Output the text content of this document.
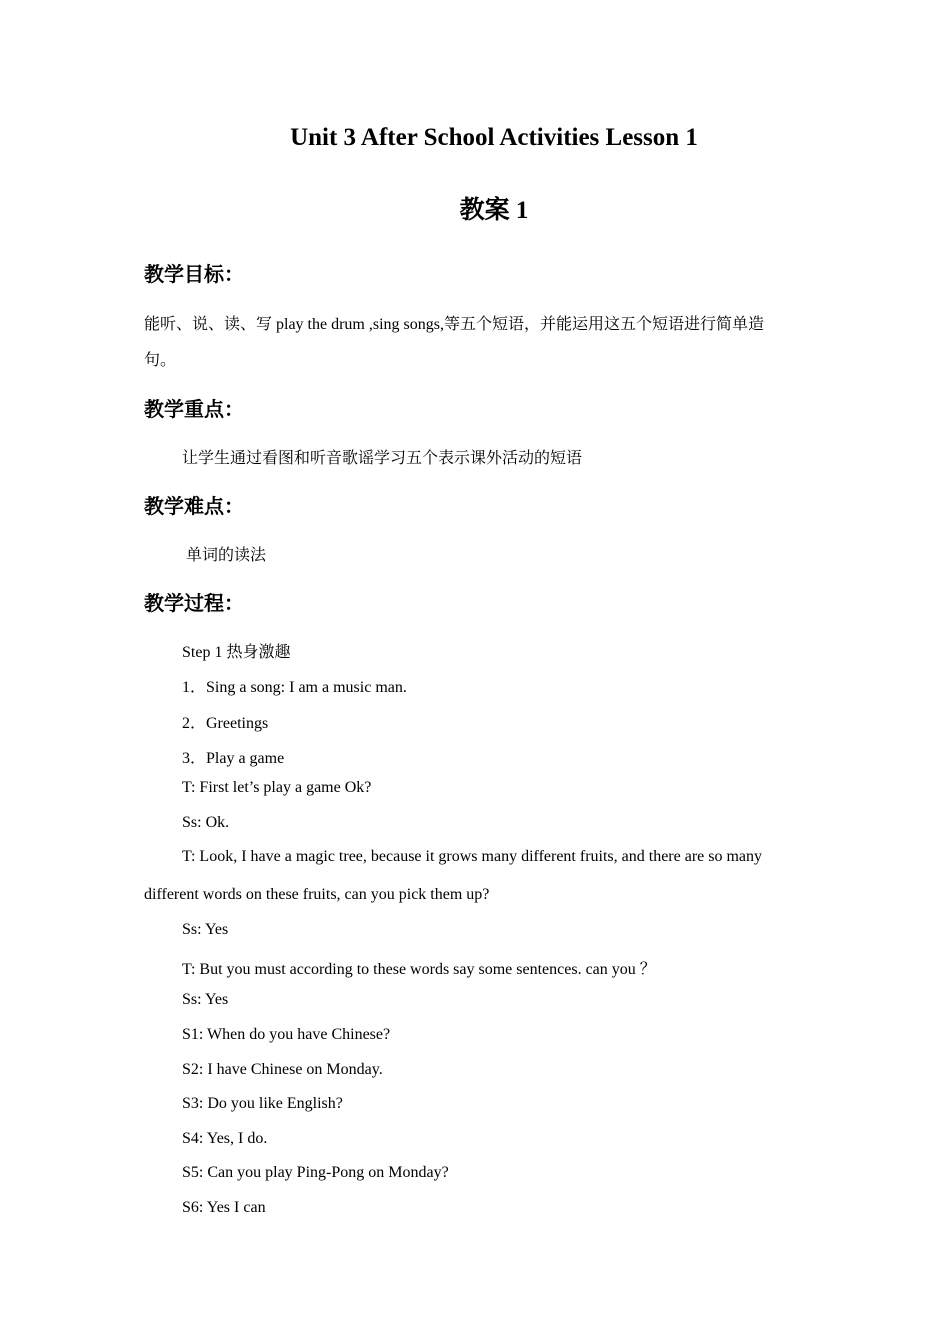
Unit 3 After School Activities Lesson 1
教案 1
教学目标：
能听、说、读、写 play the drum ,sing songs,等五个短语，并能运用这五个短语进行简单造
句。
教学重点：
让学生通过看图和听音歌谣学习五个表示课外活动的短语
教学难点：
单词的读法
教学过程：
Step 1 热身激趣
1．Sing a song: I am a music man.
2．Greetings
3．Play a game
T: First let’s play a game Ok?
Ss: Ok.
T: Look, I have a magic tree, because it grows many different fruits, and there are so many
different words on these fruits, can you pick them up?
Ss: Yes
T: But you must according to these words say some sentences. can you ？
Ss: Yes
S1: When do you have Chinese?
S2: I have Chinese on Monday.
S3: Do you like English?
S4: Yes, I do.
S5: Can you play Ping-Pong on Monday?
S6: Yes I can
